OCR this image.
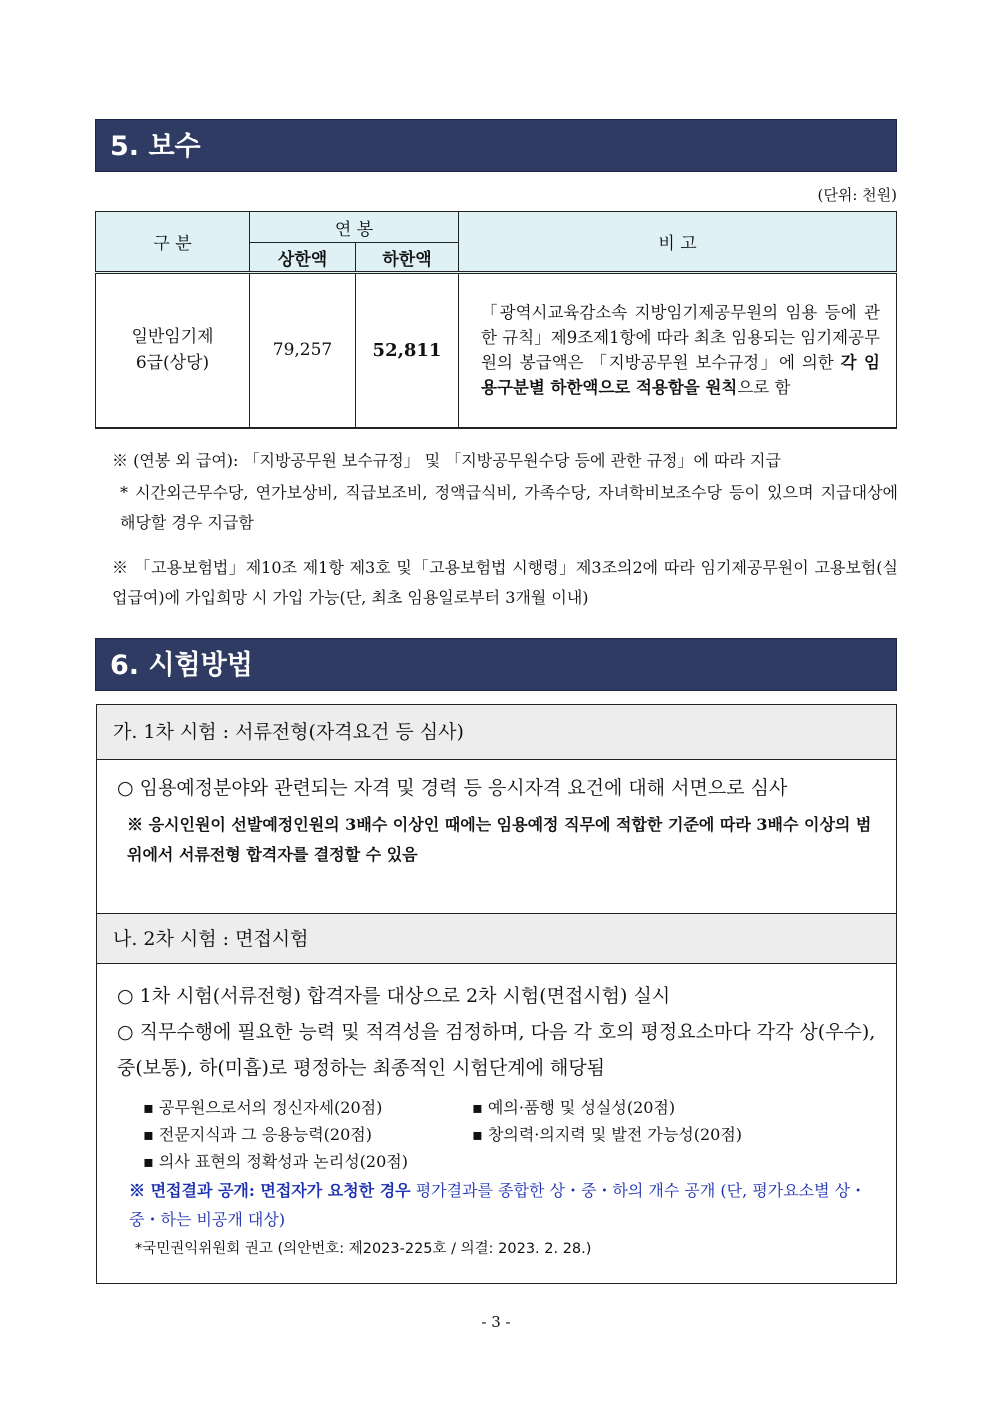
5. 보수
(단위: 천원)
구 분	연 봉		비 고
	상한액	하한액	

일반임기제
6급(상당)	79,257	52,811	「광역시교육감소속 지방임기제공무원의 임용 등에 관한 규칙」제9조제1항에 따라 최초 임용되는 임기제공무원의 봉급액은 「지방공무원 보수규정」에 의한 각 임용구분별 하한액으로 적용함을 원칙으로 함
※ (연봉 외 급여): 「지방공무원 보수규정」 및 「지방공무원수당 등에 관한 규정」에 따라 지급
* 시간외근무수당, 연가보상비, 직급보조비, 정액급식비, 가족수당, 자녀학비보조수당 등이 있으며 지급대상에 해당할 경우 지급함
※ 「고용보험법」제10조 제1항 제3호 및「고용보험법 시행령」제3조의2에 따라 임기제공무원이 고용보험(실업급여)에 가입희망 시 가입 가능(단, 최초 임용일로부터 3개월 이내)
6. 시험방법
가. 1차 시험 : 서류전형(자격요건 등 심사)
○ 임용예정분야와 관련되는 자격 및 경력 등 응시자격 요건에 대해 서면으로 심사
※ 응시인원이 선발예정인원의 3배수 이상인 때에는 임용예정 직무에 적합한 기준에 따라 3배수 이상의 범위에서 서류전형 합격자를 결정할 수 있음
나. 2차 시험 : 면접시험
○ 1차 시험(서류전형) 합격자를 대상으로 2차 시험(면접시험) 실시
○ 직무수행에 필요한 능력 및 적격성을 검정하며, 다음 각 호의 평정요소마다 각각 상(우수), 중(보통), 하(미흡)로 평정하는 최종적인 시험단계에 해당됨
▪ 공무원으로서의 정신자세(20점)	▪ 예의·품행 및 성실성(20점)
▪ 전문지식과 그 응용능력(20점)	▪ 창의력·의지력 및 발전 가능성(20점)
▪ 의사 표현의 정확성과 논리성(20점)
※ 면접결과 공개: 면접자가 요청한 경우 평가결과를 종합한 상・중・하의 개수 공개 (단, 평가요소별 상・중・하는 비공개 대상)
*국민권익위원회 권고 (의안번호: 제2023-225호 / 의결: 2023. 2. 28.)
- 3 -
